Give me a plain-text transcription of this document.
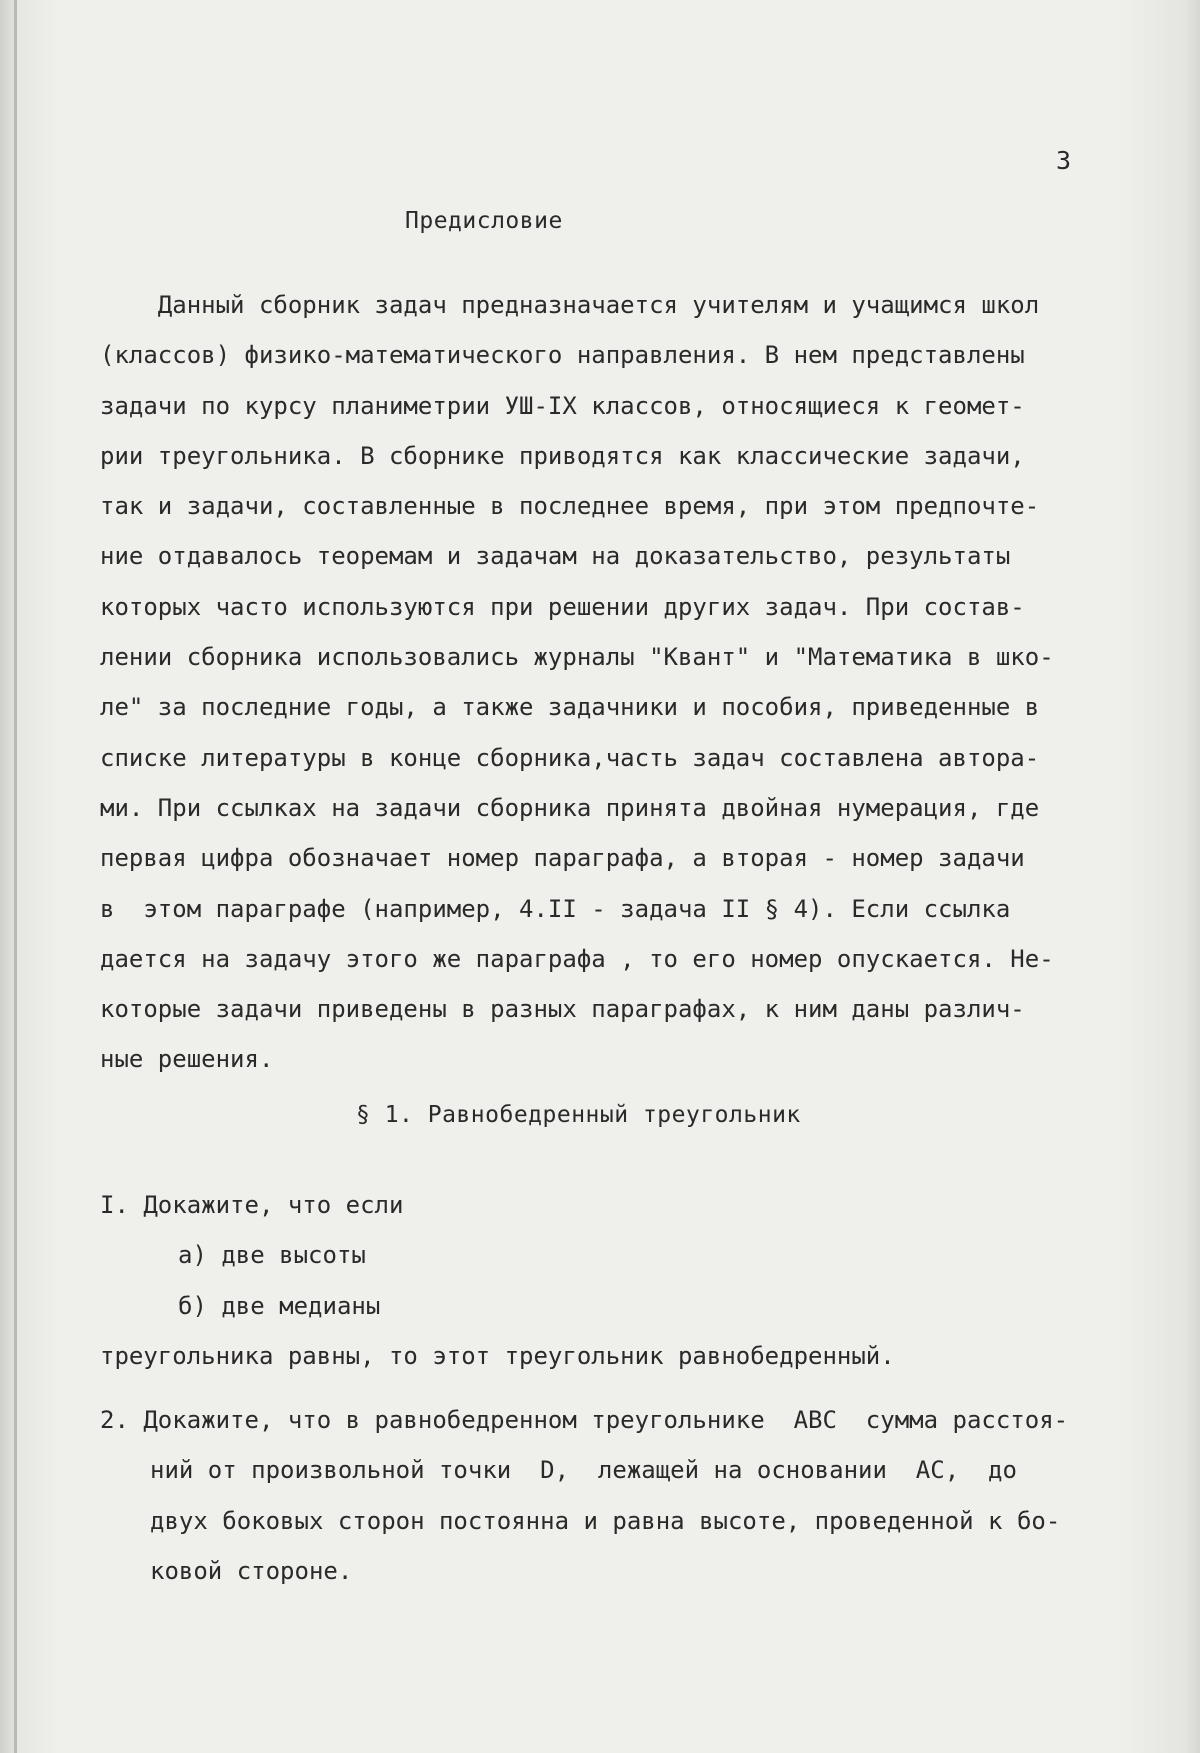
3
Предисловие
Данный сборник задач предназначается учителям и учащимся школ
(классов) физико-математического направления. В нем представлены
задачи по курсу планиметрии УШ-IX классов, относящиеся к геомет-
рии треугольника. В сборнике приводятся как классические задачи,
так и задачи, составленные в последнее время, при этом предпочте-
ние отдавалось теоремам и задачам на доказательство, результаты
которых часто используются при решении других задач. При состав-
лении сборника использовались журналы "Квант" и "Математика в шко-
ле" за последние годы, а также задачники и пособия, приведенные в
списке литературы в конце сборника,часть задач составлена автора-
ми. При ссылках на задачи сборника принята двойная нумерация, где
первая цифра обозначает номер параграфа, а вторая - номер задачи
в  этом параграфе (например, 4.II - задача II § 4). Если ссылка
дается на задачу этого же параграфа , то его номер опускается. Не-
которые задачи приведены в разных параграфах, к ним даны различ-
ные решения.
§ 1. Равнобедренный треугольник
I. Докажите, что если
а) две высоты
б) две медианы
треугольника равны, то этот треугольник равнобедренный.
2. Докажите, что в равнобедренном треугольнике  АВС  сумма расстоя-
ний от произвольной точки  D,  лежащей на основании  АС,  до
двух боковых сторон постоянна и равна высоте, проведенной к бо-
ковой стороне.
